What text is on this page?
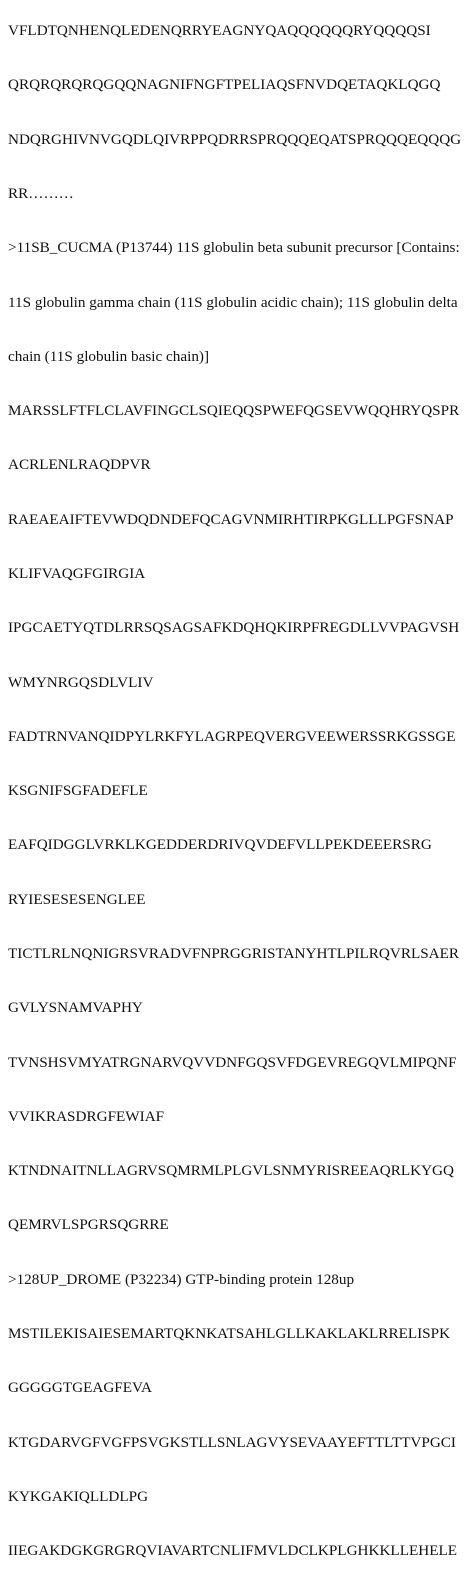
VFLDTQNHENQLEDENQRRYEAGNYQAQQQQQQRYQQQQSI

QRQRQRQRQGQQNAGNIFNGFTPELIAQSFNVDQETAQKLQGQ

NDQRGHIVNVGQDLQIVRPPQDRRSPRQQQEQATSPRQQQEQQQG

RR………

>11SB_CUCMA (P13744) 11S globulin beta subunit precursor [Contains:

11S globulin gamma chain (11S globulin acidic chain); 11S globulin delta

chain (11S globulin basic chain)]

MARSSLFTFLCLAVFINGCLSQIEQQSPWEFQGSEVWQQHRYQSPR

ACRLENLRAQDPVR

RAEAEAIFTEVWDQDNDEFQCAGVNMIRHTIRPKGLLLPGFSNAP

KLIFVAQGFGIRGIA

IPGCAETYQTDLRRSQSAGSAFKDQHQKIRPFREGDLLVVPAGVSH

WMYNRGQSDLVLIV

FADTRNVANQIDPYLRKFYLAGRPEQVERGVEEWERSSRKGSSGE

KSGNIFSGFADEFLE

EAFQIDGGLVRKLKGEDDERDRIVQVDEFVLLPEKDEEERSRG

RYIESESESENGLEE

TICTLRLNQNIGRSVRADVFNPRGGRISTANYHTLPILRQVRLSAER

GVLYSNAMVAPHY

TVNSHSVMYATRGNARVQVVDNFGQSVFDGEVREGQVLMIPQNF

VVIKRASDRGFEWIAF

KTNDNAITNLLAGRVSQMRMLPLGVLSNMYRISREEAQRLKYGQ

QEMRVLSPGRSQGRRE

>128UP_DROME (P32234) GTP-binding protein 128up

MSTILEKISAIESEMARTQKNKATSAHLGLLKAKLAKLRRELISPK

GGGGGTGEAGFEVA

KTGDARVGFVGFPSVGKSTLLSNLAGVYSEVAAYEFTTLTTVPGCI

KYKGAKIQLLDLPG

IIEGAKDGKGRGRQVIAVARTCNLIFMVLDCLKPLGHKKLLEHELE
